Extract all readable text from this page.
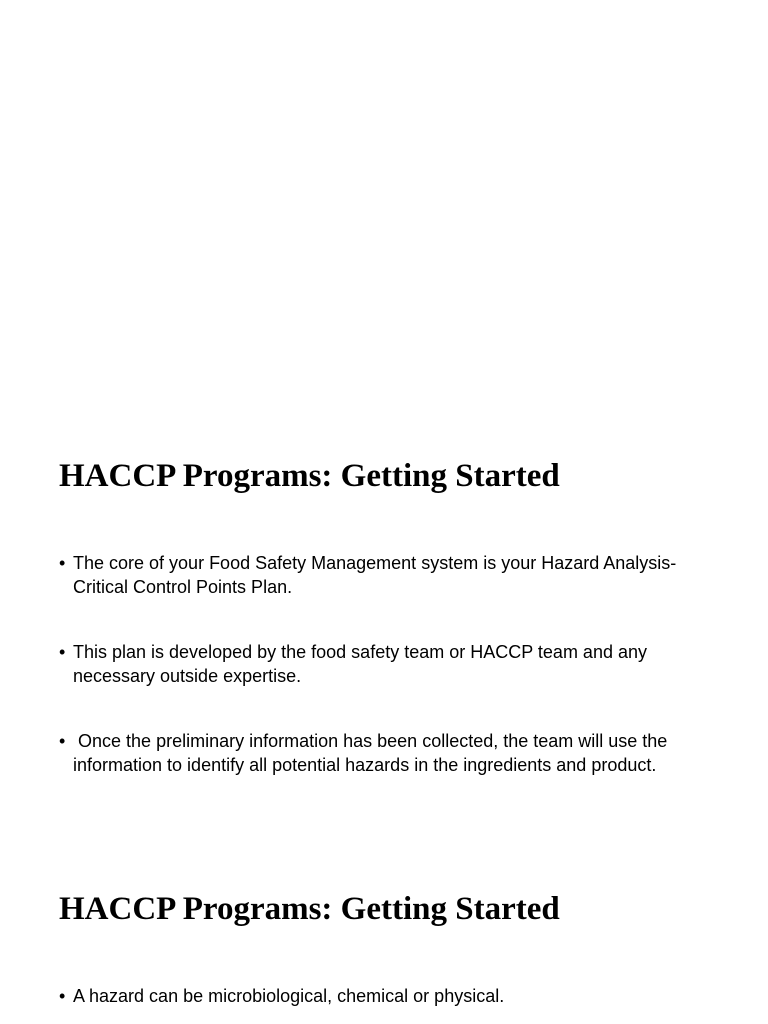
HACCP Programs: Getting Started
• The core of your Food Safety Management system is your Hazard Analysis-Critical Control Points Plan.
• This plan is developed by the food safety team or HACCP team and any necessary outside expertise.
• Once the preliminary information has been collected, the team will use the information to identify all potential hazards in the ingredients and product.
HACCP Programs: Getting Started
• A hazard can be microbiological, chemical or physical.
